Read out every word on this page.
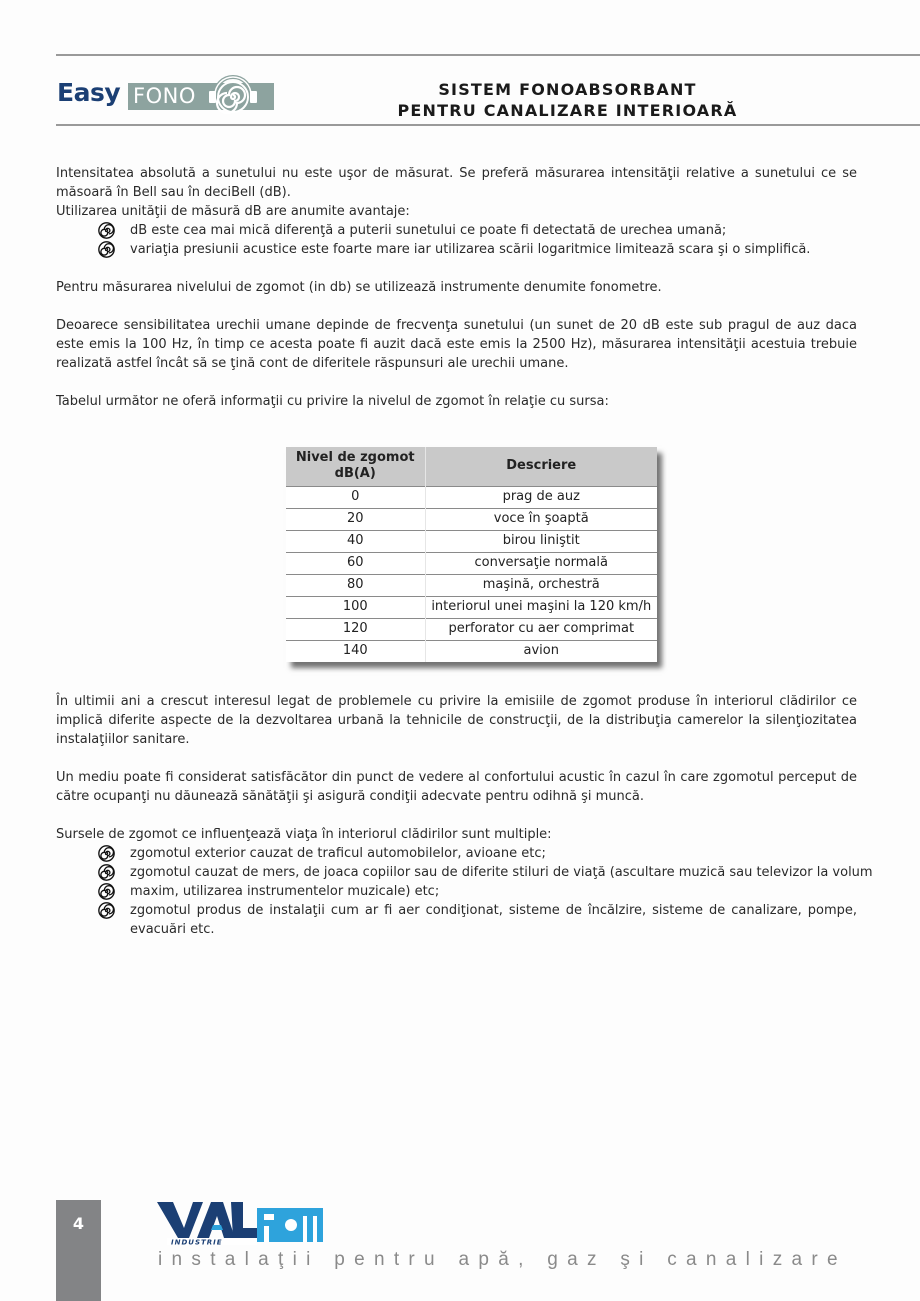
Easy FONO	SISTEM FONOABSORBANT
PENTRU CANALIZARE INTERIOARĂ
Intensitatea absolută a sunetului nu este uşor de măsurat. Se preferă măsurarea intensităţii relative a sunetului ce se măsoară în Bell sau în deciBell (dB).
Utilizarea unităţii de măsură dB are anumite avantaje:
dB este cea mai mică diferenţă a puterii sunetului ce poate fi detectată de urechea umană;
variaţia presiunii acustice este foarte mare iar utilizarea scării logaritmice limitează scara şi o simplifică.
Pentru măsurarea nivelului de zgomot (in db) se utilizează instrumente denumite fonometre.
Deoarece sensibilitatea urechii umane depinde de frecvenţa sunetului (un sunet de 20 dB este sub pragul de auz daca este emis la 100 Hz, în timp ce acesta poate fi auzit dacă este emis la 2500 Hz), măsurarea intensităţii acestuia trebuie realizată astfel încât să se ţină cont de diferitele răspunsuri ale urechii umane.
Tabelul următor ne oferă informaţii cu privire la nivelul de zgomot în relaţie cu sursa:
În ultimii ani a crescut interesul legat de problemele cu privire la emisiile de zgomot produse în interiorul clădirilor ce implică diferite aspecte de la dezvoltarea urbană la tehnicile de construcţii, de la distribuţia camerelor la silenţiozitatea instalaţiilor sanitare.
Un mediu poate fi considerat satisfăcător din punct de vedere al confortului acustic în cazul în care zgomotul perceput de către ocupanţi nu dăunează sănătăţii şi asigură condiţii adecvate pentru odihnă şi muncă.
Sursele de zgomot ce influenţează viaţa în interiorul clădirilor sunt multiple:
zgomotul exterior cauzat de traficul automobilelor, avioane etc;
zgomotul cauzat de mers, de joaca copiilor sau de diferite stiluri de viaţă (ascultare muzică sau televizor la volum
maxim, utilizarea instrumentelor muzicale) etc;
zgomotul produs de instalaţii cum ar fi aer condiţionat, sisteme de încălzire, sisteme de canalizare, pompe, evacuări etc.
Nivel de zgomot
dB(A)	Descriere
0	prag de auz
20	voce în şoaptă
40	birou liniştit
60	conversaţie normală
80	maşină, orchestră
100	interiorul unei maşini la 120 km/h
120	perforator cu aer comprimat
140	avion
4
INDUSTRIE
instalaţii pentru apă, gaz şi canalizare
